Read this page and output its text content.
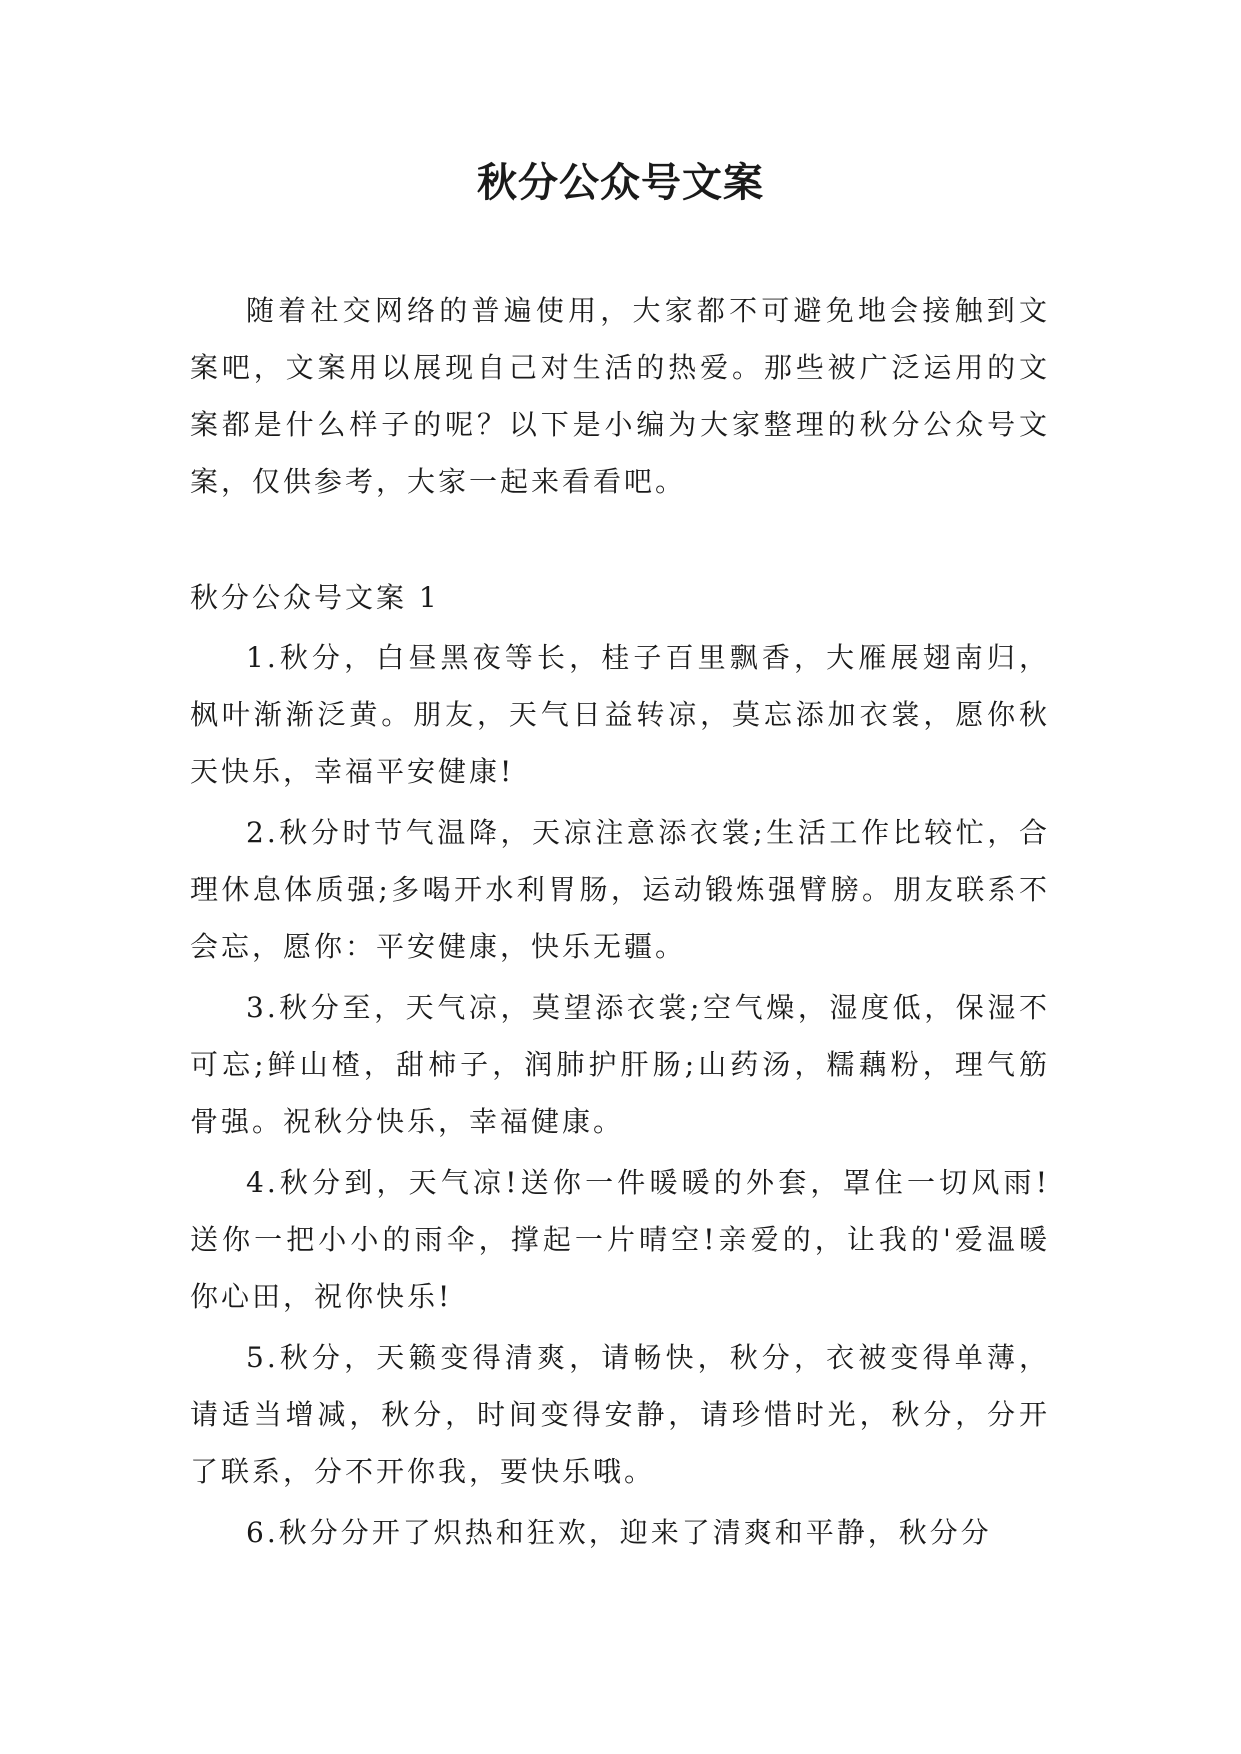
秋分公众号文案

随着社交网络的普遍使用，大家都不可避免地会接触到文案吧，文案用以展现自己对生活的热爱。那些被广泛运用的文案都是什么样子的呢？以下是小编为大家整理的秋分公众号文案，仅供参考，大家一起来看看吧。

秋分公众号文案 1

1.秋分，白昼黑夜等长，桂子百里飘香，大雁展翅南归，枫叶渐渐泛黄。朋友，天气日益转凉，莫忘添加衣裳，愿你秋天快乐，幸福平安健康!

2.秋分时节气温降，天凉注意添衣裳;生活工作比较忙，合理休息体质强;多喝开水利胃肠，运动锻炼强臂膀。朋友联系不会忘，愿你：平安健康，快乐无疆。

3.秋分至，天气凉，莫望添衣裳;空气燥，湿度低，保湿不可忘;鲜山楂，甜柿子，润肺护肝肠;山药汤，糯藕粉，理气筋骨强。祝秋分快乐，幸福健康。

4.秋分到，天气凉!送你一件暖暖的外套，罩住一切风雨!送你一把小小的雨伞，撑起一片晴空!亲爱的，让我的'爱温暖你心田，祝你快乐!

5.秋分，天籁变得清爽，请畅快，秋分，衣被变得单薄，请适当增减，秋分，时间变得安静，请珍惜时光，秋分，分开了联系，分不开你我，要快乐哦。

6.秋分分开了炽热和狂欢，迎来了清爽和平静，秋分分
